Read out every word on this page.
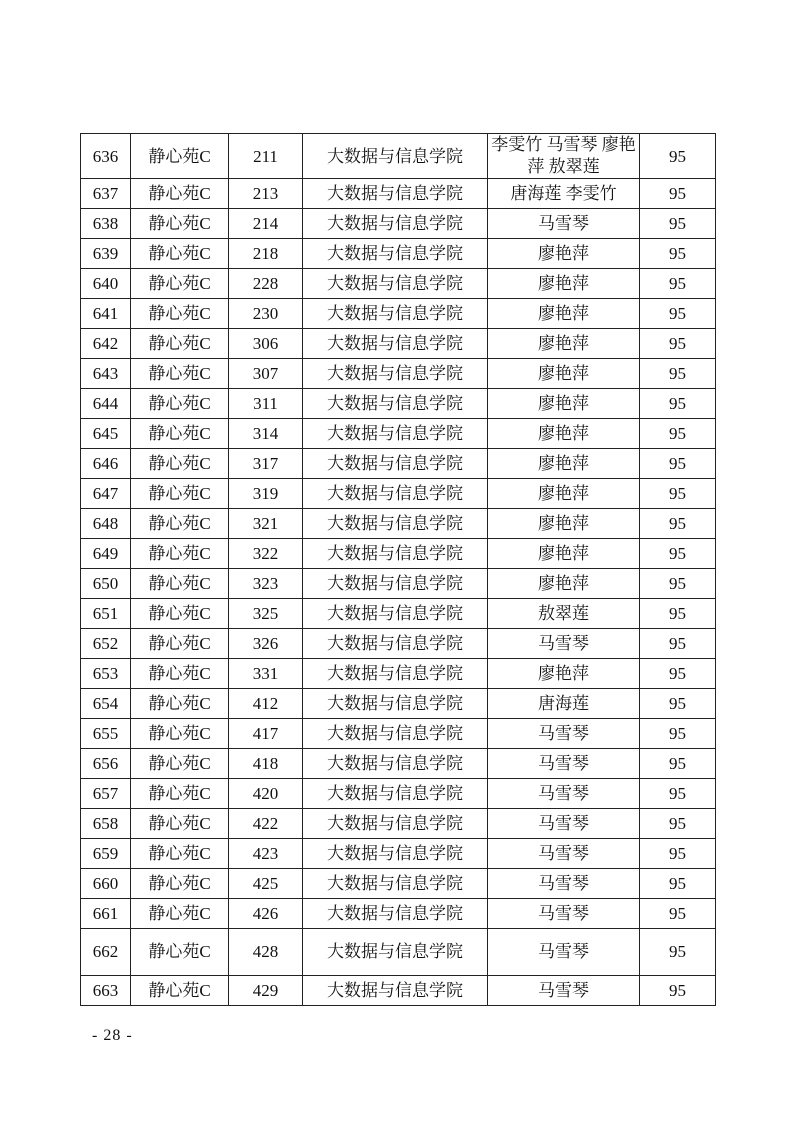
636	静心苑C	211	大数据与信息学院	李雯竹 马雪琴 廖艳萍 敖翠莲	95
637	静心苑C	213	大数据与信息学院	唐海莲 李雯竹	95
638	静心苑C	214	大数据与信息学院	马雪琴	95
639	静心苑C	218	大数据与信息学院	廖艳萍	95
640	静心苑C	228	大数据与信息学院	廖艳萍	95
641	静心苑C	230	大数据与信息学院	廖艳萍	95
642	静心苑C	306	大数据与信息学院	廖艳萍	95
643	静心苑C	307	大数据与信息学院	廖艳萍	95
644	静心苑C	311	大数据与信息学院	廖艳萍	95
645	静心苑C	314	大数据与信息学院	廖艳萍	95
646	静心苑C	317	大数据与信息学院	廖艳萍	95
647	静心苑C	319	大数据与信息学院	廖艳萍	95
648	静心苑C	321	大数据与信息学院	廖艳萍	95
649	静心苑C	322	大数据与信息学院	廖艳萍	95
650	静心苑C	323	大数据与信息学院	廖艳萍	95
651	静心苑C	325	大数据与信息学院	敖翠莲	95
652	静心苑C	326	大数据与信息学院	马雪琴	95
653	静心苑C	331	大数据与信息学院	廖艳萍	95
654	静心苑C	412	大数据与信息学院	唐海莲	95
655	静心苑C	417	大数据与信息学院	马雪琴	95
656	静心苑C	418	大数据与信息学院	马雪琴	95
657	静心苑C	420	大数据与信息学院	马雪琴	95
658	静心苑C	422	大数据与信息学院	马雪琴	95
659	静心苑C	423	大数据与信息学院	马雪琴	95
660	静心苑C	425	大数据与信息学院	马雪琴	95
661	静心苑C	426	大数据与信息学院	马雪琴	95
662	静心苑C	428	大数据与信息学院	马雪琴	95
663	静心苑C	429	大数据与信息学院	马雪琴	95
- 28 -
